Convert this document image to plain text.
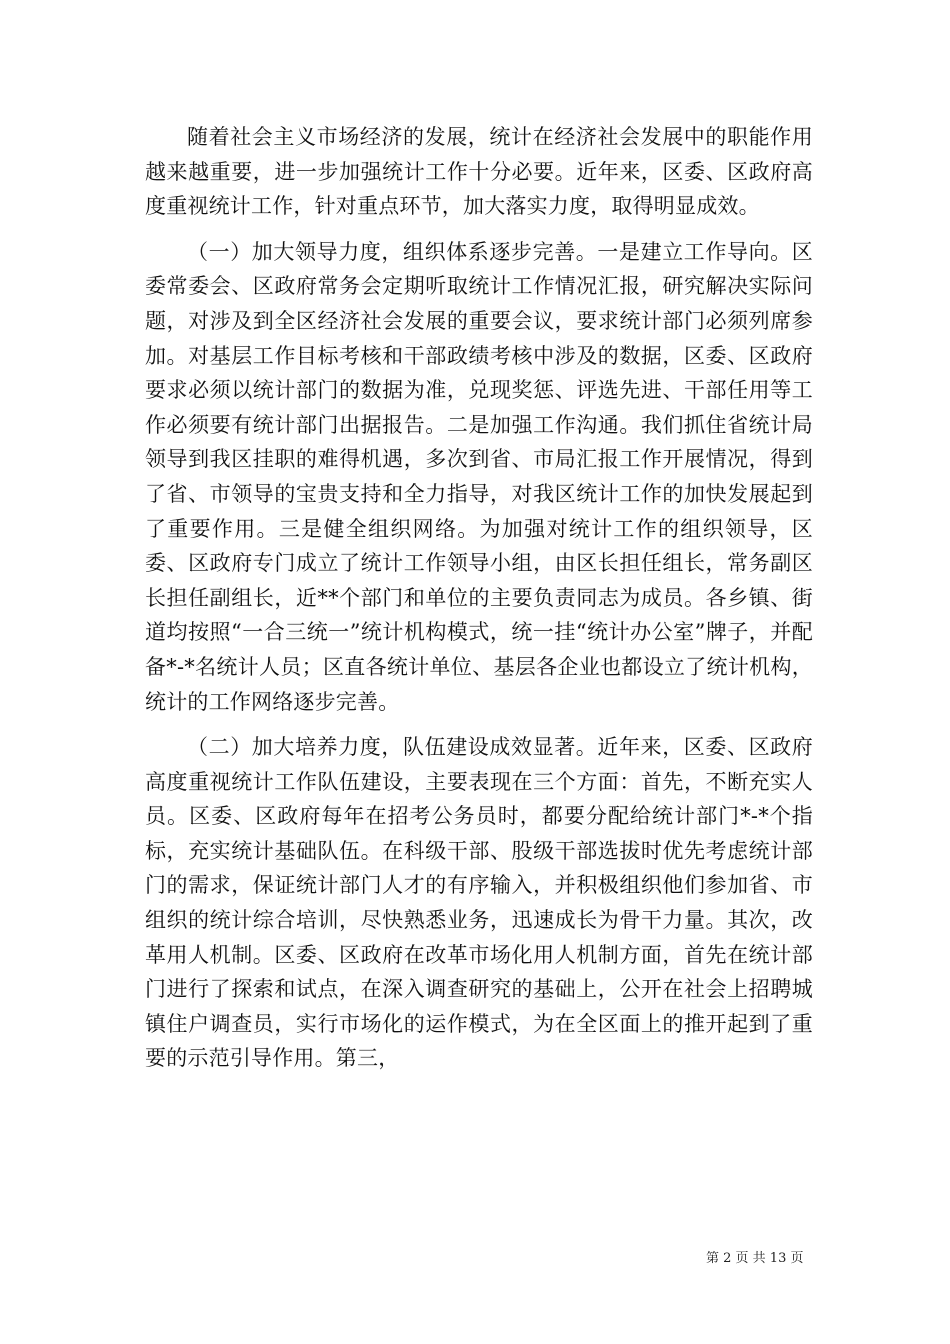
随着社会主义市场经济的发展，统计在经济社会发展中的职能作用越来越重要，进一步加强统计工作十分必要。近年来，区委、区政府高度重视统计工作，针对重点环节，加大落实力度，取得明显成效。

（一）加大领导力度，组织体系逐步完善。一是建立工作导向。区委常委会、区政府常务会定期听取统计工作情况汇报，研究解决实际问题，对涉及到全区经济社会发展的重要会议，要求统计部门必须列席参加。对基层工作目标考核和干部政绩考核中涉及的数据，区委、区政府要求必须以统计部门的数据为准，兑现奖惩、评选先进、干部任用等工作必须要有统计部门出据报告。二是加强工作沟通。我们抓住省统计局领导到我区挂职的难得机遇，多次到省、市局汇报工作开展情况，得到了省、市领导的宝贵支持和全力指导，对我区统计工作的加快发展起到了重要作用。三是健全组织网络。为加强对统计工作的组织领导，区委、区政府专门成立了统计工作领导小组，由区长担任组长，常务副区长担任副组长，近**个部门和单位的主要负责同志为成员。各乡镇、街道均按照“一合三统一”统计机构模式，统一挂“统计办公室”牌子，并配备*-*名统计人员；区直各统计单位、基层各企业也都设立了统计机构，统计的工作网络逐步完善。

（二）加大培养力度，队伍建设成效显著。近年来，区委、区政府高度重视统计工作队伍建设，主要表现在三个方面：首先，不断充实人员。区委、区政府每年在招考公务员时，都要分配给统计部门*-*个指标，充实统计基础队伍。在科级干部、股级干部选拔时优先考虑统计部门的需求，保证统计部门人才的有序输入，并积极组织他们参加省、市组织的统计综合培训，尽快熟悉业务，迅速成长为骨干力量。其次，改革用人机制。区委、区政府在改革市场化用人机制方面，首先在统计部门进行了探索和试点，在深入调查研究的基础上，公开在社会上招聘城镇住户调查员，实行市场化的运作模式，为在全区面上的推开起到了重要的示范引导作用。第三，

第 2 页 共 13 页
